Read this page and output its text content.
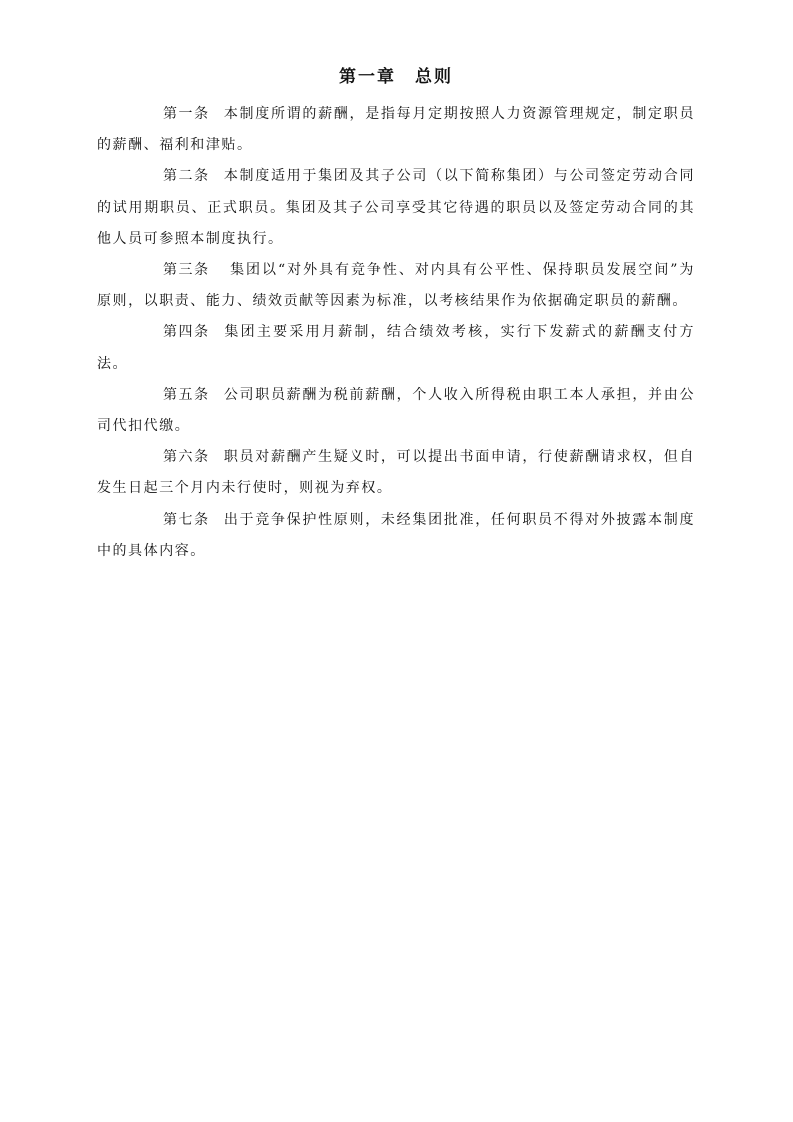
第一章　总则

第一条 本制度所谓的薪酬，是指每月定期按照人力资源管理规定，制定职员的薪酬、福利和津贴。

第二条 本制度适用于集团及其子公司（以下简称集团）与公司签定劳动合同的试用期职员、正式职员。集团及其子公司享受其它待遇的职员以及签定劳动合同的其他人员可参照本制度执行。

第三条 集团以“对外具有竞争性、对内具有公平性、保持职员发展空间”为原则，以职责、能力、绩效贡献等因素为标准，以考核结果作为依据确定职员的薪酬。

第四条 集团主要采用月薪制，结合绩效考核，实行下发薪式的薪酬支付方法。

第五条 公司职员薪酬为税前薪酬，个人收入所得税由职工本人承担，并由公司代扣代缴。

第六条 职员对薪酬产生疑义时，可以提出书面申请，行使薪酬请求权，但自发生日起三个月内未行使时，则视为弃权。

第七条 出于竞争保护性原则，未经集团批准，任何职员不得对外披露本制度中的具体内容。
